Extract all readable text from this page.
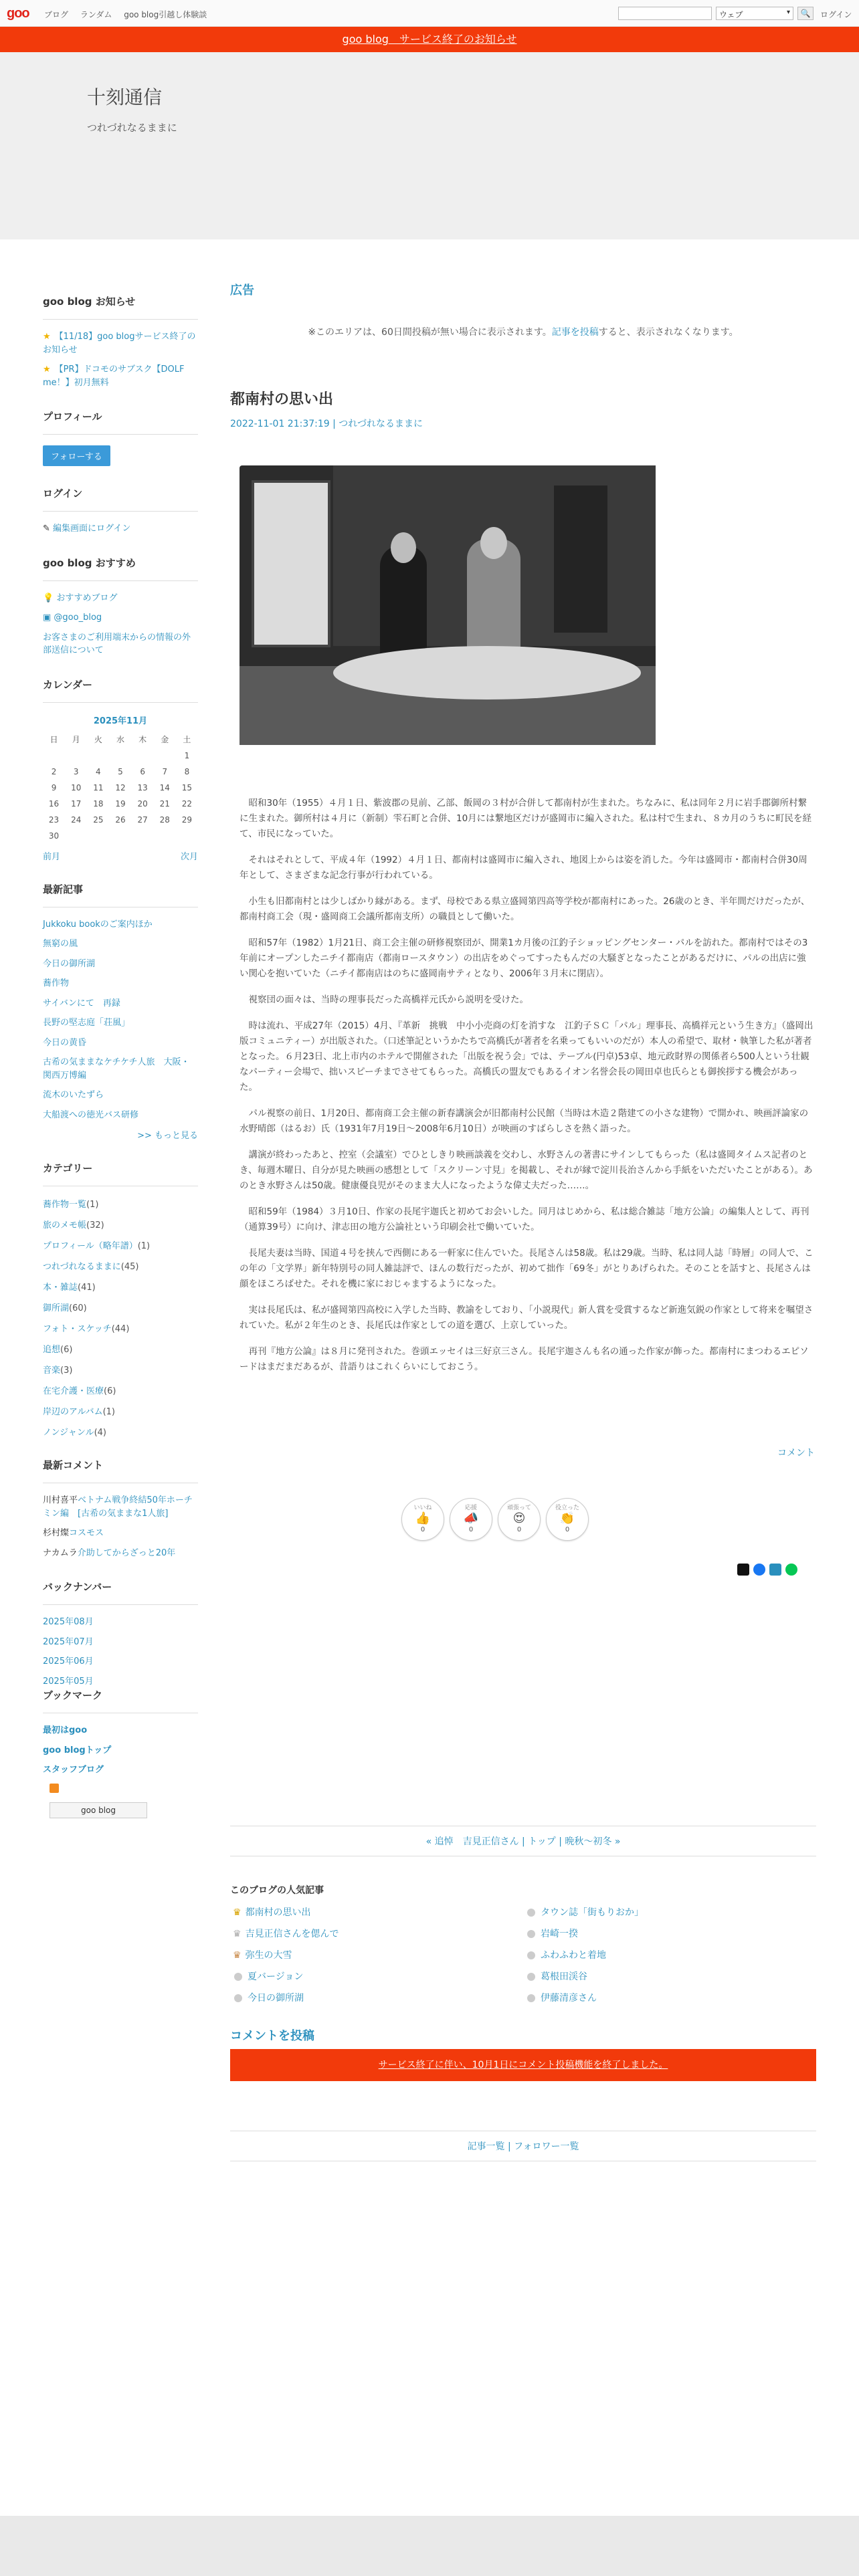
goo ブログ ランダム goo blog引越し体験談	ウェブ	▾	🔍	ログイン
goo blog　サービス終了のお知らせ
十刻通信
つれづれなるままに
goo blog お知らせ
★ 【11/18】goo blogサービス終了のお知らせ
★ 【PR】ドコモのサブスク【DOLF me！】初月無料
プロフィール
フォローする
ログイン
✎ 編集画面にログイン
goo blog おすすめ
💡 おすすめブログ
▣ @goo_blog
お客さまのご利用端末からの情報の外部送信について
カレンダー
2025年11月
日	月	火	水	木	金	土
						1
2	3	4	5	6	7	8
9	10	11	12	13	14	15
16	17	18	19	20	21	22
23	24	25	26	27	28	29
30						
前月	次月
最新記事
Jukkoku bookのご案内ほか
無窮の風
今日の御所湖
蕎作物
サイバンにて　再録
長野の堅志庭「荘風」
今日の黄昏
古希の気ままなケチケチ人旅　大阪・関西万博編
流木のいたずら
大船渡への徳光バス研修
>> もっと見る
カテゴリー
蕎作物一覧(1)
旅のメモ帳(32)
プロフィール（略年譜）(1)
つれづれなるままに(45)
本・雑誌(41)
御所湖(60)
フォト・スケッチ(44)
追想(6)
音楽(3)
在宅介護・医療(6)
岸辺のアルバム(1)
ノンジャンル(4)
最新コメント
川村喜平ベトナム戦争終結50年ホーチミン編　[古希の気ままな1人旅]
杉村燦コスモス
ナカムラ介助してからざっと20年
バックナンバー
2025年08月
2025年07月
2025年06月
2025年05月
ブックマーク
最初はgoo
goo blogトップ
スタッフブログ
goo blog
広告
※このエリアは、60日間投稿が無い場合に表示されます。記事を投稿すると、表示されなくなります。
都南村の思い出
2022-11-01 21:37:19 | つれづれなるままに

　昭和30年（1955）４月１日、紫波郡の見前、乙部、飯岡の３村が合併して都南村が生まれた。ちなみに、私は同年２月に岩手郡御所村繋に生まれた。御所村は４月に（新制）雫石町と合併、10月には繋地区だけが盛岡市に編入された。私は村で生まれ、８カ月のうちに町民を経て、市民になっていた。

　それはそれとして、平成４年（1992）４月１日、都南村は盛岡市に編入され、地図上からは姿を消した。今年は盛岡市・都南村合併30周年として、さまざまな記念行事が行われている。

　小生も旧都南村とは少しばかり縁がある。まず、母校である県立盛岡第四高等学校が都南村にあった。26歳のとき、半年間だけだったが、都南村商工会（現・盛岡商工会議所都南支所）の職員として働いた。

　昭和57年（1982）1月21日、商工会主催の研修視察団が、開業1カ月後の江釣子ショッピングセンター・パルを訪れた。都南村ではその3年前にオープンしたニチイ都南店（都南ロースタウン）の出店をめぐってすったもんだの大騒ぎとなったことがあるだけに、パルの出店に強い関心を抱いていた（ニチイ都南店はのちに盛岡南サティとなり、2006年３月末に閉店）。

　視察団の面々は、当時の理事長だった高橋祥元氏から説明を受けた。

　時は流れ、平成27年（2015）4月、『革新　挑戦　中小小売商の灯を消すな　江釣子ＳＣ「パル」理事長、高橋祥元という生き方』（盛岡出版コミュニティー）が出版された。（口述筆記というかたちで高橋氏が著者を名乗ってもいいのだが）本人の希望で、取材・執筆した私が著者となった。６月23日、北上市内のホテルで開催された「出版を祝う会」では、テーブル(円卓)53卓、地元政財界の関係者ら500人という壮観なパーティー会場で、拙いスピーチまでさせてもらった。高橋氏の盟友でもあるイオン名誉会長の岡田卓也氏らとも御挨拶する機会があった。

　パル視察の前日、1月20日、都南商工会主催の新春講演会が旧都南村公民館（当時は木造２階建ての小さな建物）で開かれ、映画評論家の水野晴郎（はるお）氏（1931年7月19日〜2008年6月10日）が映画のすばらしさを熱く語った。

　講演が終わったあと、控室（会議室）でひとしきり映画談義を交わし、水野さんの著書にサインしてもらった（私は盛岡タイムス記者のとき、毎週木曜日、自分が見た映画の感想として「スクリーン寸見」を掲載し、それが縁で淀川長治さんから手紙をいただいたことがある）。あのとき水野さんは50歳。健康優良児がそのまま大人になったような偉丈夫だった……。

　昭和59年（1984）３月10日、作家の長尾宇迦氏と初めてお会いした。同月はじめから、私は総合雑誌「地方公論」の編集人として、再刊（通算39号）に向け、津志田の地方公論社という印刷会社で働いていた。

　長尾夫妻は当時、国道４号を挟んで西側にある一軒家に住んでいた。長尾さんは58歳。私は29歳。当時、私は同人誌「時層」の同人で、この年の「文学界」新年特別号の同人雑誌評で、ほんの数行だったが、初めて拙作「69冬」がとりあげられた。そのことを話すと、長尾さんは顔をほころばせた。それを機に家におじゃまするようになった。

　実は長尾氏は、私が盛岡第四高校に入学した当時、教諭をしており、「小説現代」新人賞を受賞するなど新進気鋭の作家として将来を嘱望されていた。私が２年生のとき、長尾氏は作家としての道を選び、上京していった。

　再刊『地方公論』は８月に発刊された。巻頭エッセイは三好京三さん。長尾宇迦さんも名の通った作家が飾った。都南村にまつわるエピソードはまだまだあるが、昔語りはこれくらいにしておこう。

コメント
いいね
👍
0
応援
📣
0
頑張って
😍
0
役立った
👏
0
« 追悼　吉見正信さん | トップ | 晩秋〜初冬 »
このブログの人気記事
♛ 都南村の思い出	タウン誌「街もりおか」
♛ 吉見正信さんを偲んで	岩崎一揆
♛ 弥生の大雪	ふわふわと着地
夏バージョン	葛根田渓谷
今日の御所湖	伊藤清彦さん
コメントを投稿
サービス終了に伴い、10月1日にコメント投稿機能を終了しました。
記事一覧 | フォロワー一覧
